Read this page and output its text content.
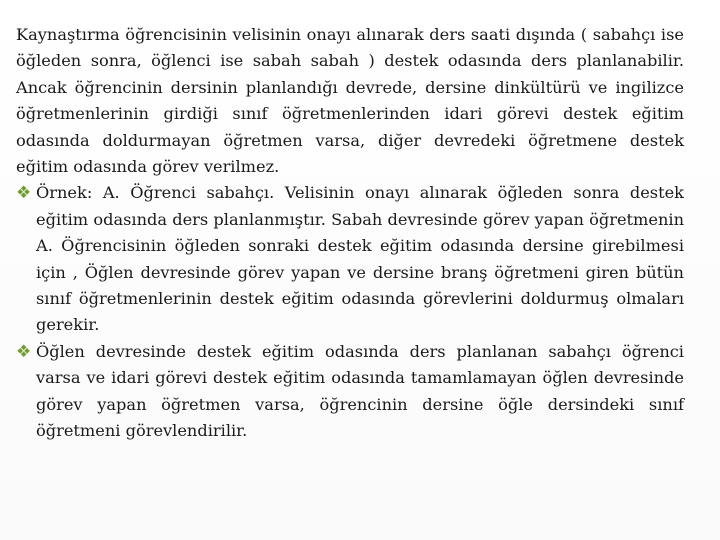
Kaynaştırma öğrencisinin velisinin onayı alınarak ders saati dışında ( sabahçı ise öğleden sonra, öğlenci ise sabah sabah ) destek odasında ders planlanabilir. Ancak öğrencinin dersinin planlandığı devrede, dersine dinkültürü ve ingilizce öğretmenlerinin girdiği sınıf öğretmenlerinden idari görevi destek eğitim odasında doldurmayan öğretmen varsa, diğer devredeki öğretmene destek eğitim odasında görev verilmez.

❖ Örnek: A. Öğrenci sabahçı. Velisinin onayı alınarak öğleden sonra destek eğitim odasında ders planlanmıştır. Sabah devresinde görev yapan öğretmenin A. Öğrencisinin öğleden sonraki destek eğitim odasında dersine girebilmesi için , Öğlen devresinde görev yapan ve dersine branş öğretmeni giren bütün sınıf öğretmenlerinin destek eğitim odasında görevlerini doldurmuş olmaları gerekir.
❖ Öğlen devresinde destek eğitim odasında ders planlanan sabahçı öğrenci varsa ve idari görevi destek eğitim odasında tamamlamayan öğlen devresinde görev yapan öğretmen varsa, öğrencinin dersine öğle dersindeki sınıf öğretmeni görevlendirilir.
